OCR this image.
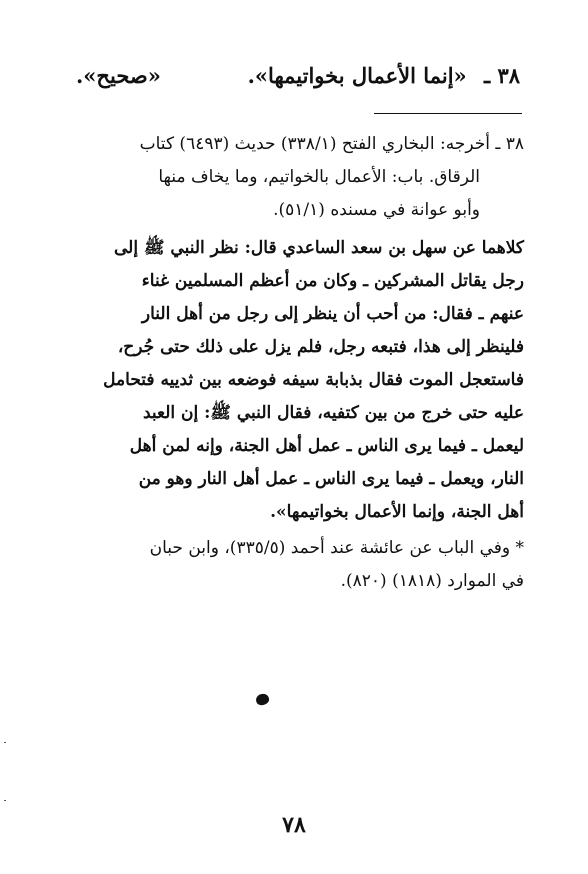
٣٨ ـ «إنما الأعمال بخواتيمها».
«صحيح».
٣٨ ـ أخرجه: البخاري الفتح (٣٣٨/١) حديث (٦٤٩٣) كتاب
الرقاق. باب: الأعمال بالخواتيم، وما يخاف منها
وأبو عوانة في مسنده (٥١/١).
كلاهما عن سهل بن سعد الساعدي قال: نظر النبي ﷺ إلى
رجل يقاتل المشركين ـ وكان من أعظم المسلمين غناء
عنهم ـ فقال: من أحب أن ينظر إلى رجل من أهل النار
فلينظر إلى هذا، فتبعه رجل، فلم يزل على ذلك حتى جُرح،
فاستعجل الموت فقال بذبابة سيفه فوضعه بين ثدييه فتحامل
عليه حتى خرج من بين كتفيه، فقال النبي ﷺ: إن العبد
ليعمل ـ فيما يرى الناس ـ عمل أهل الجنة، وإنه لمن أهل
النار، ويعمل ـ فيما يرى الناس ـ عمل أهل النار وهو من
أهل الجنة، وإنما الأعمال بخواتيمها».
* وفي الباب عن عائشة عند أحمد (٣٣٥/٥)، وابن حبان
في الموارد (١٨١٨) (٨٢٠).
٧٨
